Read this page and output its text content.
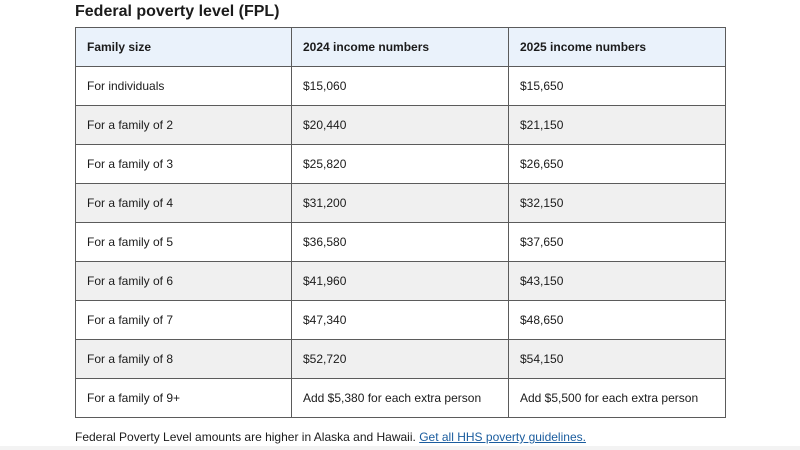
Federal poverty level (FPL)
Family size	2024 income numbers	2025 income numbers
For individuals	$15,060	$15,650
For a family of 2	$20,440	$21,150
For a family of 3	$25,820	$26,650
For a family of 4	$31,200	$32,150
For a family of 5	$36,580	$37,650
For a family of 6	$41,960	$43,150
For a family of 7	$47,340	$48,650
For a family of 8	$52,720	$54,150
For a family of 9+	Add $5,380 for each extra person	Add $5,500 for each extra person
Federal Poverty Level amounts are higher in Alaska and Hawaii. Get all HHS poverty guidelines.
